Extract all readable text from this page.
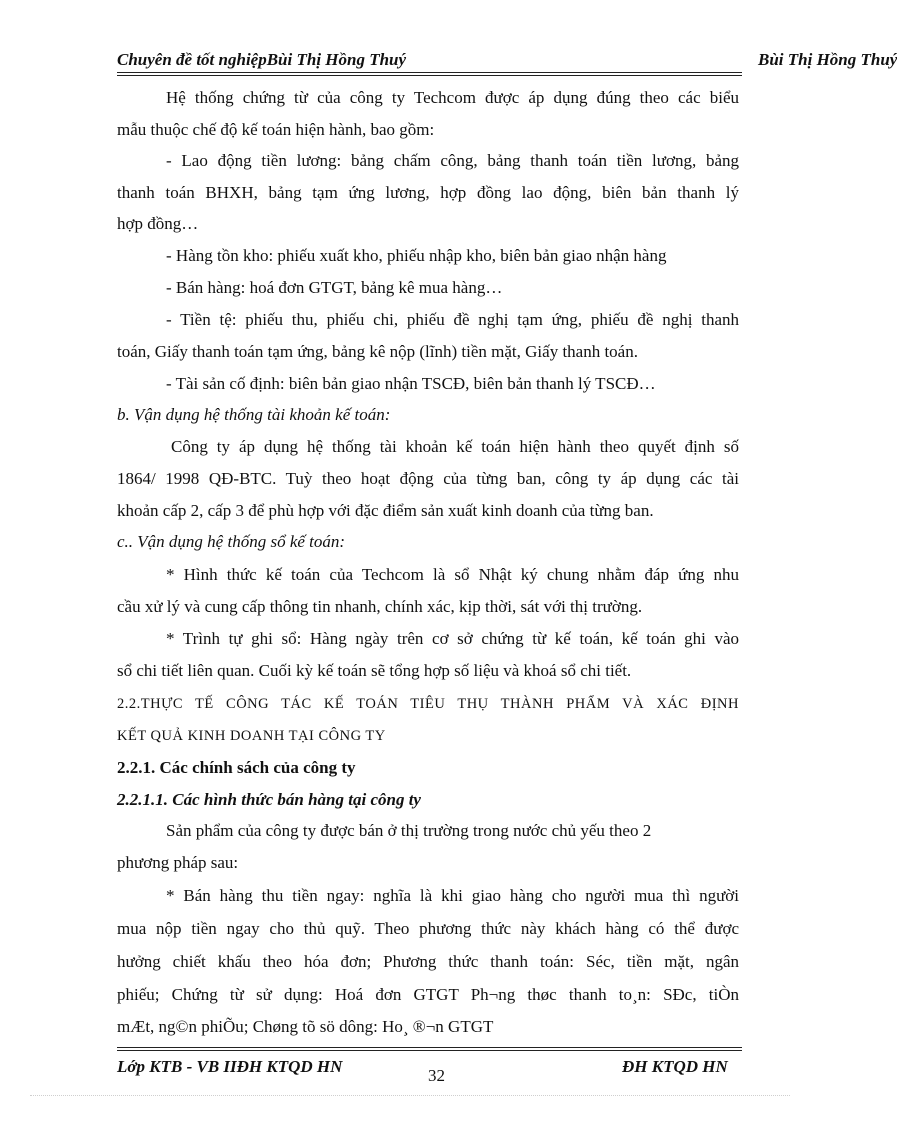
Chuyên đề tốt nghiệpBùi Thị Hồng Thuý	Bùi Thị Hồng Thuý
Hệ thống chứng từ của công ty Techcom được áp dụng đúng theo các biểu
mẫu thuộc chế độ kế toán hiện hành, bao gồm:
- Lao động tiền lương: bảng chấm công, bảng thanh toán tiền lương, bảng
thanh toán BHXH, bảng tạm ứng lương, hợp đồng lao động, biên bản thanh lý
hợp đồng…
- Hàng tồn kho: phiếu xuất kho, phiếu nhập kho, biên bản giao nhận hàng
- Bán hàng: hoá đơn GTGT, bảng kê mua hàng…
- Tiền tệ: phiếu thu, phiếu chi, phiếu đề nghị tạm ứng, phiếu đề nghị thanh
toán, Giấy thanh toán tạm ứng, bảng kê nộp (lĩnh) tiền mặt, Giấy thanh toán.
- Tài sản cố định: biên bản giao nhận TSCĐ, biên bản thanh lý TSCĐ…
b. Vận dụng hệ thống tài khoản kế toán:
Công ty áp dụng hệ thống tài khoản kế toán hiện hành theo quyết định số
1864/ 1998 QĐ-BTC. Tuỳ theo hoạt động của từng ban, công ty áp dụng các tài
khoản cấp 2, cấp 3 để phù hợp với đặc điểm sản xuất kinh doanh của từng ban.
c.. Vận dụng hệ thống sổ kế toán:
* Hình thức kế toán của Techcom là sổ Nhật ký chung nhằm đáp ứng nhu
cầu xử lý và cung cấp thông tin nhanh, chính xác, kịp thời, sát với thị trường.
* Trình tự ghi sổ: Hàng ngày trên cơ sở chứng từ kế toán, kế toán ghi vào
sổ chi tiết liên quan. Cuối kỳ kế toán sẽ tổng hợp số liệu và khoá sổ chi tiết.
2.2.THỰC TẾ CÔNG TÁC KẾ TOÁN TIÊU THỤ THÀNH PHẨM VÀ XÁC ĐỊNH
KẾT QUẢ KINH DOANH TẠI CÔNG TY
2.2.1. Các chính sách của công ty
2.2.1.1. Các hình thức bán hàng tại công ty
Sản phẩm của công ty được bán ở thị trường trong nước chủ yếu theo 2
phương pháp sau:
* Bán hàng thu tiền ngay: nghĩa là khi giao hàng cho người mua thì người
mua nộp tiền ngay cho thủ quỹ. Theo phương thức này khách hàng có thể được
hưởng chiết khấu theo hóa đơn; Phương thức thanh toán: Séc, tiền mặt, ngân
phiếu; Chứng từ sử dụng: Hoá đơn GTGT Ph¬ng thøc thanh to¸n: SÐc, tiÒn
mÆt, ng©n phiÕu; Chøng tõ sö dông: Ho¸ ®¬n GTGT
Lớp KTB - VB IIĐH KTQD HN	32	ĐH KTQD HN
